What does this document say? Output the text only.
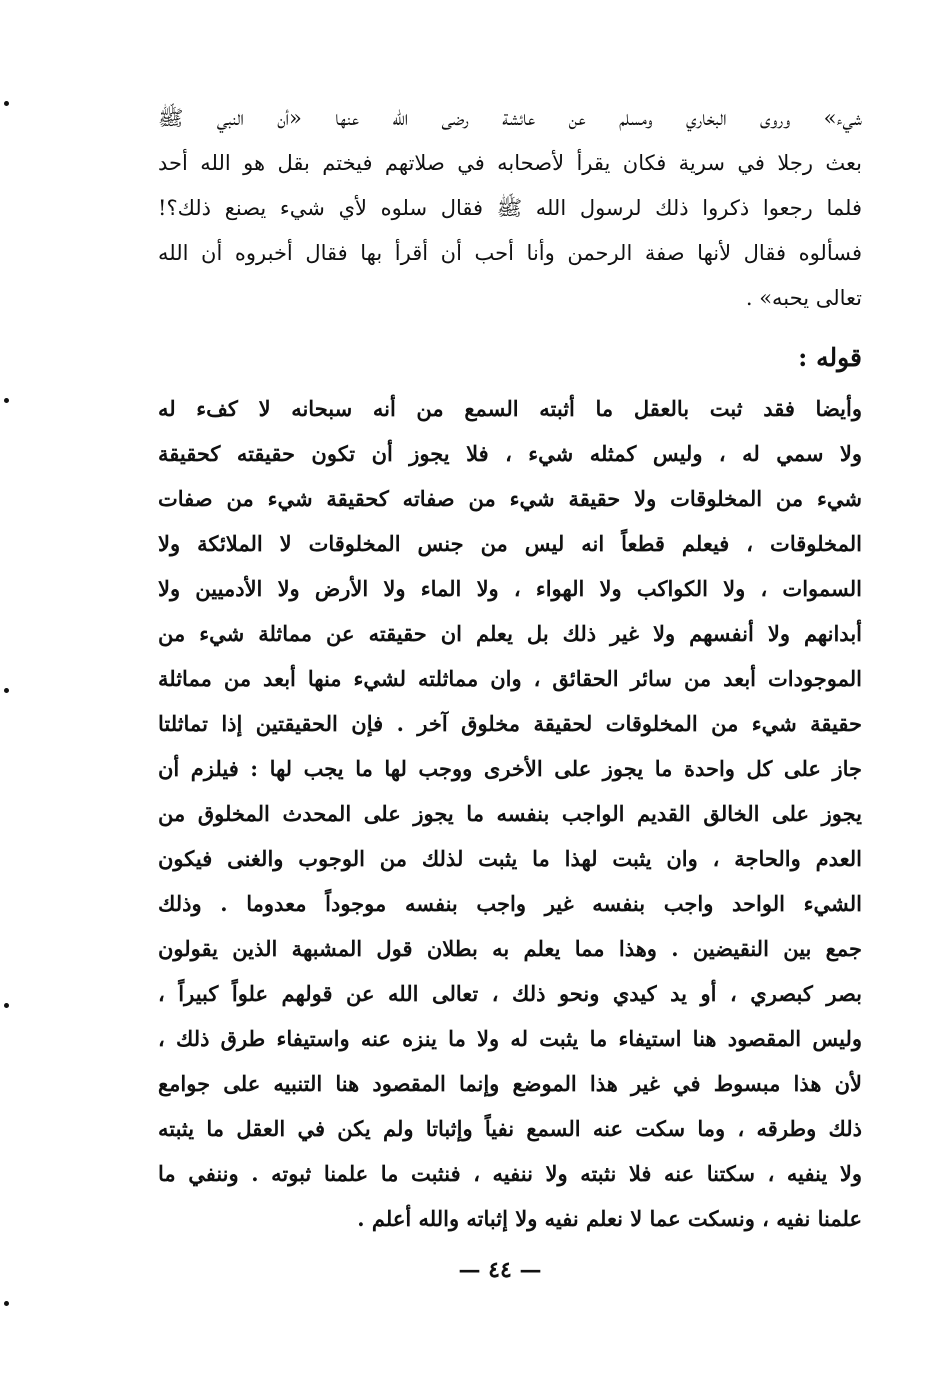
شيء» وروى البخاري ومسلم عن عائشة رضى الله عنها «أن النبي ﷺ
بعث رجلا في سرية فكان يقرأ لأصحابه في صلاتهم فيختم بقل هو الله أحد
فلما رجعوا ذكروا ذلك لرسول الله ﷺ فقال سلوه لأي شيء يصنع ذلك؟!
فسألوه فقال لأنها صفة الرحمن وأنا أحب أن أقرأ بها فقال أخبروه أن الله
تعالى يحبه» .
قوله :
وأيضا فقد ثبت بالعقل ما أثبته السمع من أنه سبحانه لا كفء له
ولا سمي له ، وليس كمثله شيء ، فلا يجوز أن تكون حقيقته كحقيقة
شيء من المخلوقات ولا حقيقة شيء من صفاته كحقيقة شيء من صفات
المخلوقات ، فيعلم قطعاً انه ليس من جنس المخلوقات لا الملائكة ولا
السموات ، ولا الكواكب ولا الهواء ، ولا الماء ولا الأرض ولا الأدميين ولا
أبدانهم ولا أنفسهم ولا غير ذلك بل يعلم ان حقيقته عن مماثلة شيء من
الموجودات أبعد من سائر الحقائق ، وان مماثلته لشيء منها أبعد من مماثلة
حقيقة شيء من المخلوقات لحقيقة مخلوق آخر . فإن الحقيقتين إذا تماثلتا
جاز على كل واحدة ما يجوز على الأخرى ووجب لها ما يجب لها : فيلزم أن
يجوز على الخالق القديم الواجب بنفسه ما يجوز على المحدث المخلوق من
العدم والحاجة ، وان يثبت لهذا ما يثبت لذلك من الوجوب والغنى فيكون
الشيء الواحد واجب بنفسه غير واجب بنفسه موجوداً معدوما . وذلك
جمع بين النقيضين . وهذا مما يعلم به بطلان قول المشبهة الذين يقولون
بصر كبصري ، أو يد كيدي ونحو ذلك ، تعالى الله عن قولهم علواً كبيراً ،
وليس المقصود هنا استيفاء ما يثبت له ولا ما ينزه عنه واستيفاء طرق ذلك ،
لأن هذا مبسوط في غير هذا الموضع وإنما المقصود هنا التنبيه على جوامع
ذلك وطرقه ، وما سكت عنه السمع نفياً وإثباتا ولم يكن في العقل ما يثبته
ولا ينفيه ، سكتنا عنه فلا نثبته ولا ننفيه ، فنثبت ما علمنا ثبوته . وننفي ما
علمنا نفيه ، ونسكت عما لا نعلم نفيه ولا إثباته والله أعلم .
— ٤٤ —
